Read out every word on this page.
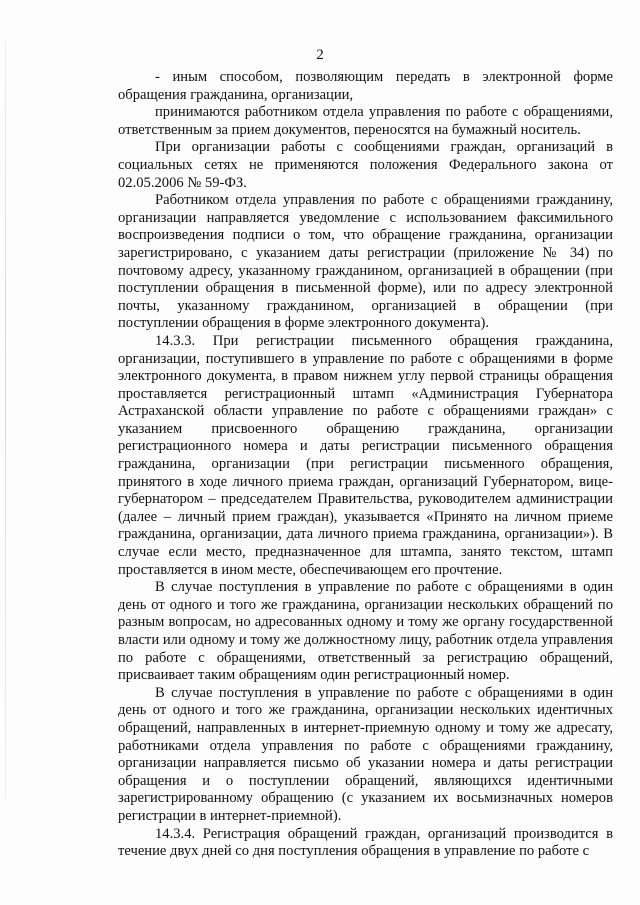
2

- иным способом, позволяющим передать в электронной форме обращения гражданина, организации,

принимаются работником отдела управления по работе с обращениями, ответственным за прием документов, переносятся на бумажный носитель.

При организации работы с сообщениями граждан, организаций в социальных сетях не применяются положения Федерального закона от 02.05.2006 № 59-ФЗ.

Работником отдела управления по работе с обращениями гражданину, организации направляется уведомление с использованием факсимильного воспроизведения подписи о том, что обращение гражданина, организации зарегистрировано, с указанием даты регистрации (приложение № 34) по почтовому адресу, указанному гражданином, организацией в обращении (при поступлении обращения в письменной форме), или по адресу электронной почты, указанному гражданином, организацией в обращении (при поступлении обращения в форме электронного документа).

14.3.3. При регистрации письменного обращения гражданина, организации, поступившего в управление по работе с обращениями в форме электронного документа, в правом нижнем углу первой страницы обращения проставляется регистрационный штамп «Администрация Губернатора Астраханской области управление по работе с обращениями граждан» с указанием присвоенного обращению гражданина, организации регистрационного номера и даты регистрации письменного обращения гражданина, организации (при регистрации письменного обращения, принятого в ходе личного приема граждан, организаций Губернатором, вице-губернатором – председателем Правительства, руководителем администрации (далее – личный прием граждан), указывается «Принято на личном приеме гражданина, организации, дата личного приема гражданина, организации»). В случае если место, предназначенное для штампа, занято текстом, штамп проставляется в ином месте, обеспечивающем его прочтение.

В случае поступления в управление по работе с обращениями в один день от одного и того же гражданина, организации нескольких обращений по разным вопросам, но адресованных одному и тому же органу государственной власти или одному и тому же должностному лицу, работник отдела управления по работе с обращениями, ответственный за регистрацию обращений, присваивает таким обращениям один регистрационный номер.

В случае поступления в управление по работе с обращениями в один день от одного и того же гражданина, организации нескольких идентичных обращений, направленных в интернет-приемную одному и тому же адресату, работниками отдела управления по работе с обращениями гражданину, организации направляется письмо об указании номера и даты регистрации обращения и о поступлении обращений, являющихся идентичными зарегистрированному обращению (с указанием их восьмизначных номеров регистрации в интернет-приемной).

14.3.4. Регистрация обращений граждан, организаций производится в течение двух дней со дня поступления обращения в управление по работе с
